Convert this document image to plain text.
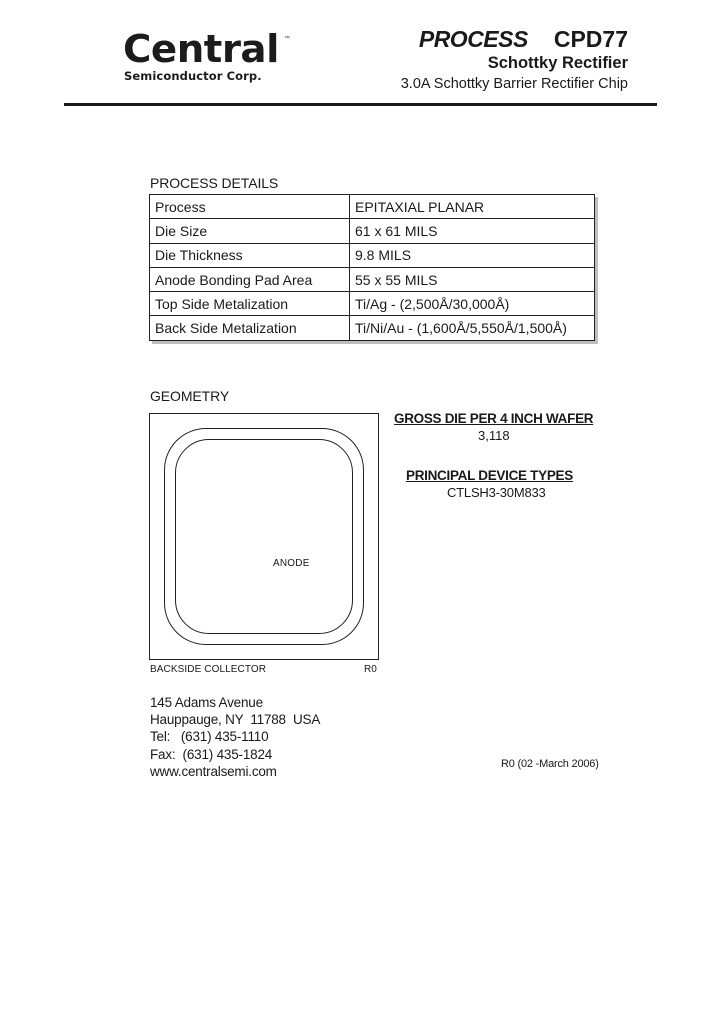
Central ™
Semiconductor Corp.
PROCESS CPD77
Schottky Rectifier
3.0A Schottky Barrier Rectifier Chip
PROCESS DETAILS
Process	EPITAXIAL PLANAR
Die Size	61 x 61 MILS
Die Thickness	9.8 MILS
Anode Bonding Pad Area	55 x 55 MILS
Top Side Metalization	Ti/Ag - (2,500Å/30,000Å)
Back Side Metalization	Ti/Ni/Au - (1,600Å/5,550Å/1,500Å)
GEOMETRY
ANODE
BACKSIDE COLLECTOR	R0
GROSS DIE PER 4 INCH WAFER
3,118
PRINCIPAL DEVICE TYPES
CTLSH3-30M833
145 Adams Avenue
Hauppauge, NY  11788  USA
Tel:   (631) 435-1110
Fax:  (631) 435-1824
www.centralsemi.com	R0 (02 -March 2006)
